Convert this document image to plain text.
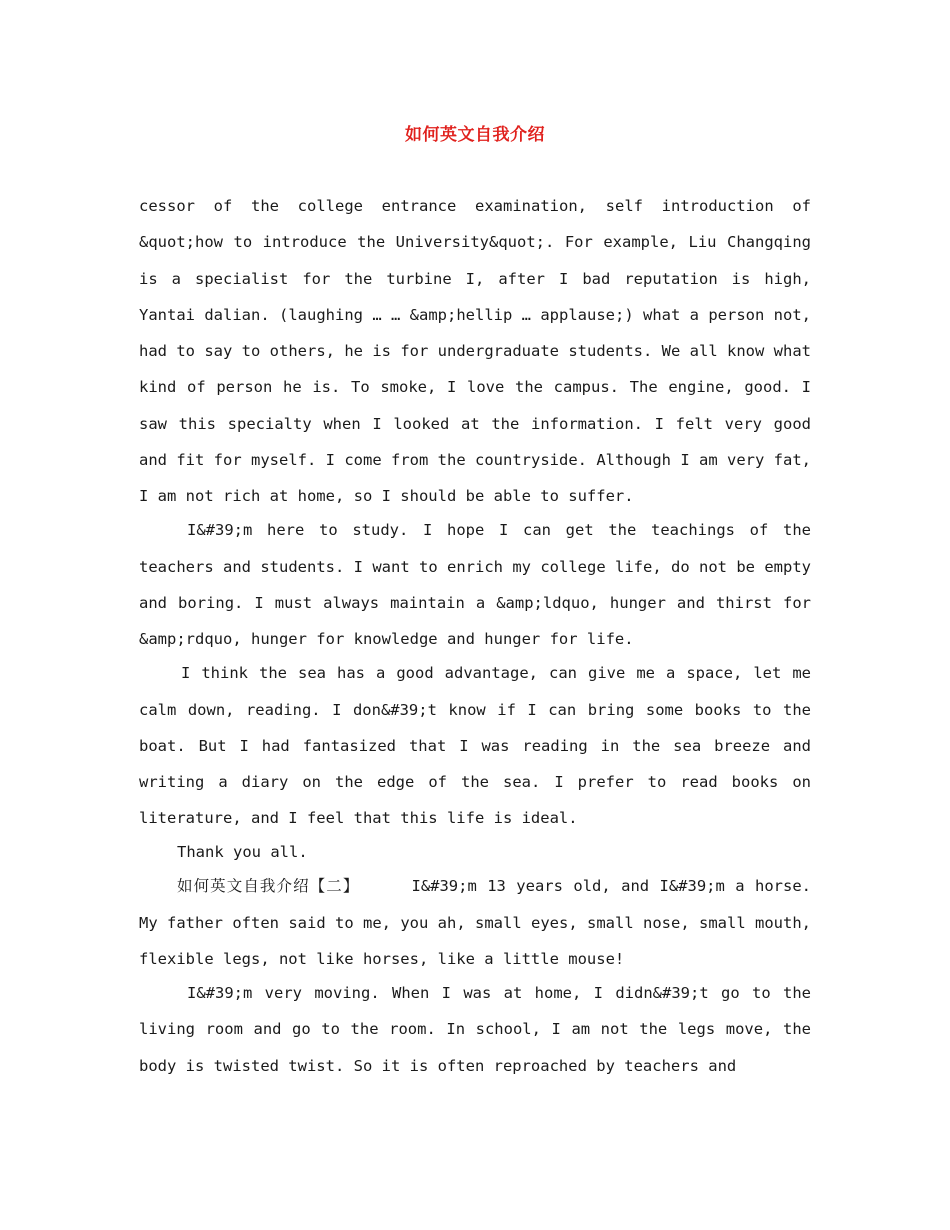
如何英文自我介绍

cessor of the college entrance examination, self introduction of &quot;how to introduce the University&quot;. For example, Liu Changqing is a specialist for the turbine I, after I bad reputation is high, Yantai dalian. (laughing … … &amp;hellip … applause;) what a person not, had to say to others, he is for undergraduate students. We all know what kind of person he is. To smoke, I love the campus. The engine, good. I saw this specialty when I looked at the information. I felt very good and fit for myself. I come from the countryside. Although I am very fat, I am not rich at home, so I should be able to suffer.

I&#39;m here to study. I hope I can get the teachings of the teachers and students. I want to enrich my college life, do not be empty and boring. I must always maintain a &amp;ldquo, hunger and thirst for &amp;rdquo, hunger for knowledge and hunger for life.

I think the sea has a good advantage, can give me a space, let me calm down, reading. I don&#39;t know if I can bring some books to the boat. But I had fantasized that I was reading in the sea breeze and writing a diary on the edge of the sea. I prefer to read books on literature, and I feel that this life is ideal.

Thank you all.

如何英文自我介绍【二】	I&#39;m 13 years old, and I&#39;m a horse. My father often said to me, you ah, small eyes, small nose, small mouth, flexible legs, not like horses, like a little mouse!

I&#39;m very moving. When I was at home, I didn&#39;t go to the living room and go to the room. In school, I am not the legs move, the body is twisted twist. So it is often reproached by teachers and
